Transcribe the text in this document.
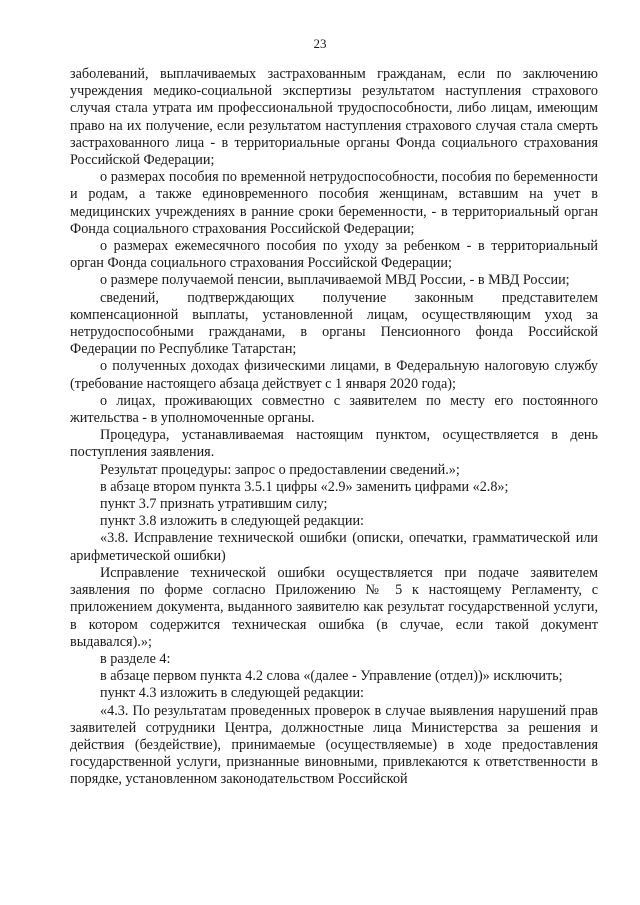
23

заболеваний, выплачиваемых застрахованным гражданам, если по заключению учреждения медико-социальной экспертизы результатом наступления страхового случая стала утрата им профессиональной трудоспособности, либо лицам, имеющим право на их получение, если результатом наступления страхового случая стала смерть застрахованного лица - в территориальные органы Фонда социального страхования Российской Федерации;

о размерах пособия по временной нетрудоспособности, пособия по беременности и родам, а также единовременного пособия женщинам, вставшим на учет в медицинских учреждениях в ранние сроки беременности, - в территориальный орган Фонда социального страхования Российской Федерации;

о размерах ежемесячного пособия по уходу за ребенком - в территориальный орган Фонда социального страхования Российской Федерации;

о размере получаемой пенсии, выплачиваемой МВД России, - в МВД России;

сведений, подтверждающих получение законным представителем компенсационной выплаты, установленной лицам, осуществляющим уход за нетрудоспособными гражданами, в органы Пенсионного фонда Российской Федерации по Республике Татарстан;

о полученных доходах физическими лицами, в Федеральную налоговую службу (требование настоящего абзаца действует с 1 января 2020 года);

о лицах, проживающих совместно с заявителем по месту его постоянного жительства - в уполномоченные органы.

Процедура, устанавливаемая настоящим пунктом, осуществляется в день поступления заявления.

Результат процедуры: запрос о предоставлении сведений.»;

в абзаце втором пункта 3.5.1 цифры «2.9» заменить цифрами «2.8»;

пункт 3.7 признать утратившим силу;

пункт 3.8 изложить в следующей редакции:

«3.8. Исправление технической ошибки (описки, опечатки, грамматической или арифметической ошибки)

Исправление технической ошибки осуществляется при подаче заявителем заявления по форме согласно Приложению № 5 к настоящему Регламенту, с приложением документа, выданного заявителю как результат государственной услуги, в котором содержится техническая ошибка (в случае, если такой документ выдавался).»;

в разделе 4:

в абзаце первом пункта 4.2 слова «(далее - Управление (отдел))» исключить;

пункт 4.3 изложить в следующей редакции:

«4.3. По результатам проведенных проверок в случае выявления нарушений прав заявителей сотрудники Центра, должностные лица Министерства за решения и действия (бездействие), принимаемые (осуществляемые) в ходе предоставления государственной услуги, признанные виновными, привлекаются к ответственности в порядке, установленном законодательством Российской
